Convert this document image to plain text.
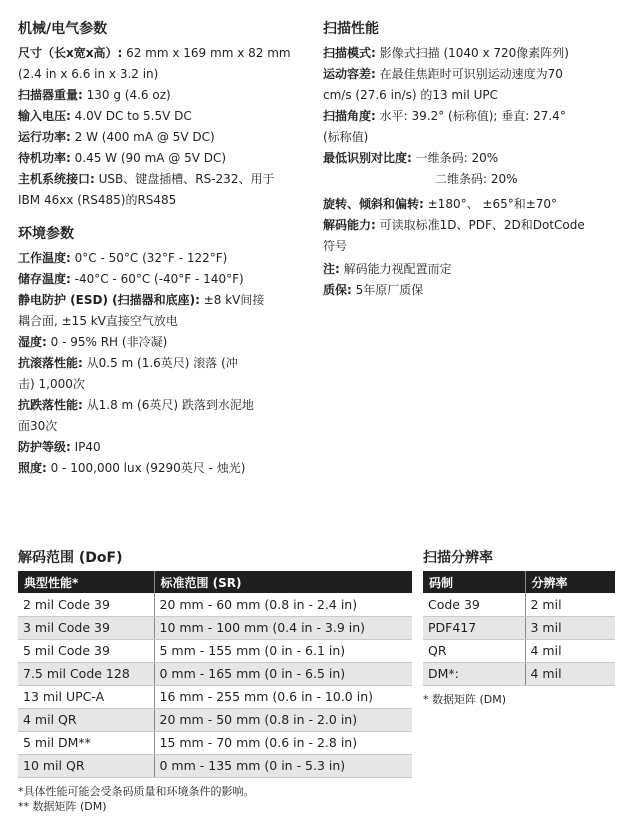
机械/电气参数
尺寸（长x宽x高）: 62 mm x 169 mm x 82 mm
(2.4 in x 6.6 in x 3.2 in)
扫描器重量: 130 g (4.6 oz)
输入电压: 4.0V DC to 5.5V DC
运行功率: 2 W (400 mA @ 5V DC)
待机功率: 0.45 W (90 mA @ 5V DC)
主机系统接口: USB、键盘插槽、RS-232、用于
IBM 46xx (RS485)的RS485
环境参数
工作温度: 0°C - 50°C (32°F - 122°F)
储存温度: -40°C - 60°C (-40°F - 140°F)
静电防护 (ESD) (扫描器和底座): ±8 kV间接
耦合面, ±15 kV直接空气放电
湿度: 0 - 95% RH (非冷凝)
抗滚落性能: 从0.5 m (1.6英尺) 滚落 (冲
击) 1,000次
抗跌落性能: 从1.8 m (6英尺) 跌落到水泥地
面30次
防护等级: IP40
照度: 0 - 100,000 lux (9290英尺 - 烛光)
扫描性能
扫描模式: 影像式扫描 (1040 x 720像素阵列)
运动容差: 在最佳焦距时可识别运动速度为70
cm/s (27.6 in/s) 的13 mil UPC
扫描角度: 水平: 39.2° (标称值); 垂直: 27.4°
(标称值)
最低识别对比度: 一维条码: 20%
二维条码: 20%
旋转、倾斜和偏转: ±180°、 ±65°和±70°
解码能力: 可读取标准1D、PDF、2D和DotCode
符号
注: 解码能力视配置而定
质保: 5年原厂质保
解码范围 (DoF)
典型性能*	标准范围 (SR)
2 mil Code 39	20 mm - 60 mm (0.8 in - 2.4 in)
3 mil Code 39	10 mm - 100 mm (0.4 in - 3.9 in)
5 mil Code 39	5 mm - 155 mm (0 in - 6.1 in)
7.5 mil Code 128	0 mm - 165 mm (0 in - 6.5 in)
13 mil UPC-A	16 mm - 255 mm (0.6 in - 10.0 in)
4 mil QR	20 mm - 50 mm (0.8 in - 2.0 in)
5 mil DM**	15 mm - 70 mm (0.6 in - 2.8 in)
10 mil QR	0 mm - 135 mm (0 in - 5.3 in)
*具体性能可能会受条码质量和环境条件的影响。
** 数据矩阵 (DM)
扫描分辨率
码制	分辨率
Code 39	2 mil
PDF417	3 mil
QR	4 mil
DM*:	4 mil
* 数据矩阵 (DM)
